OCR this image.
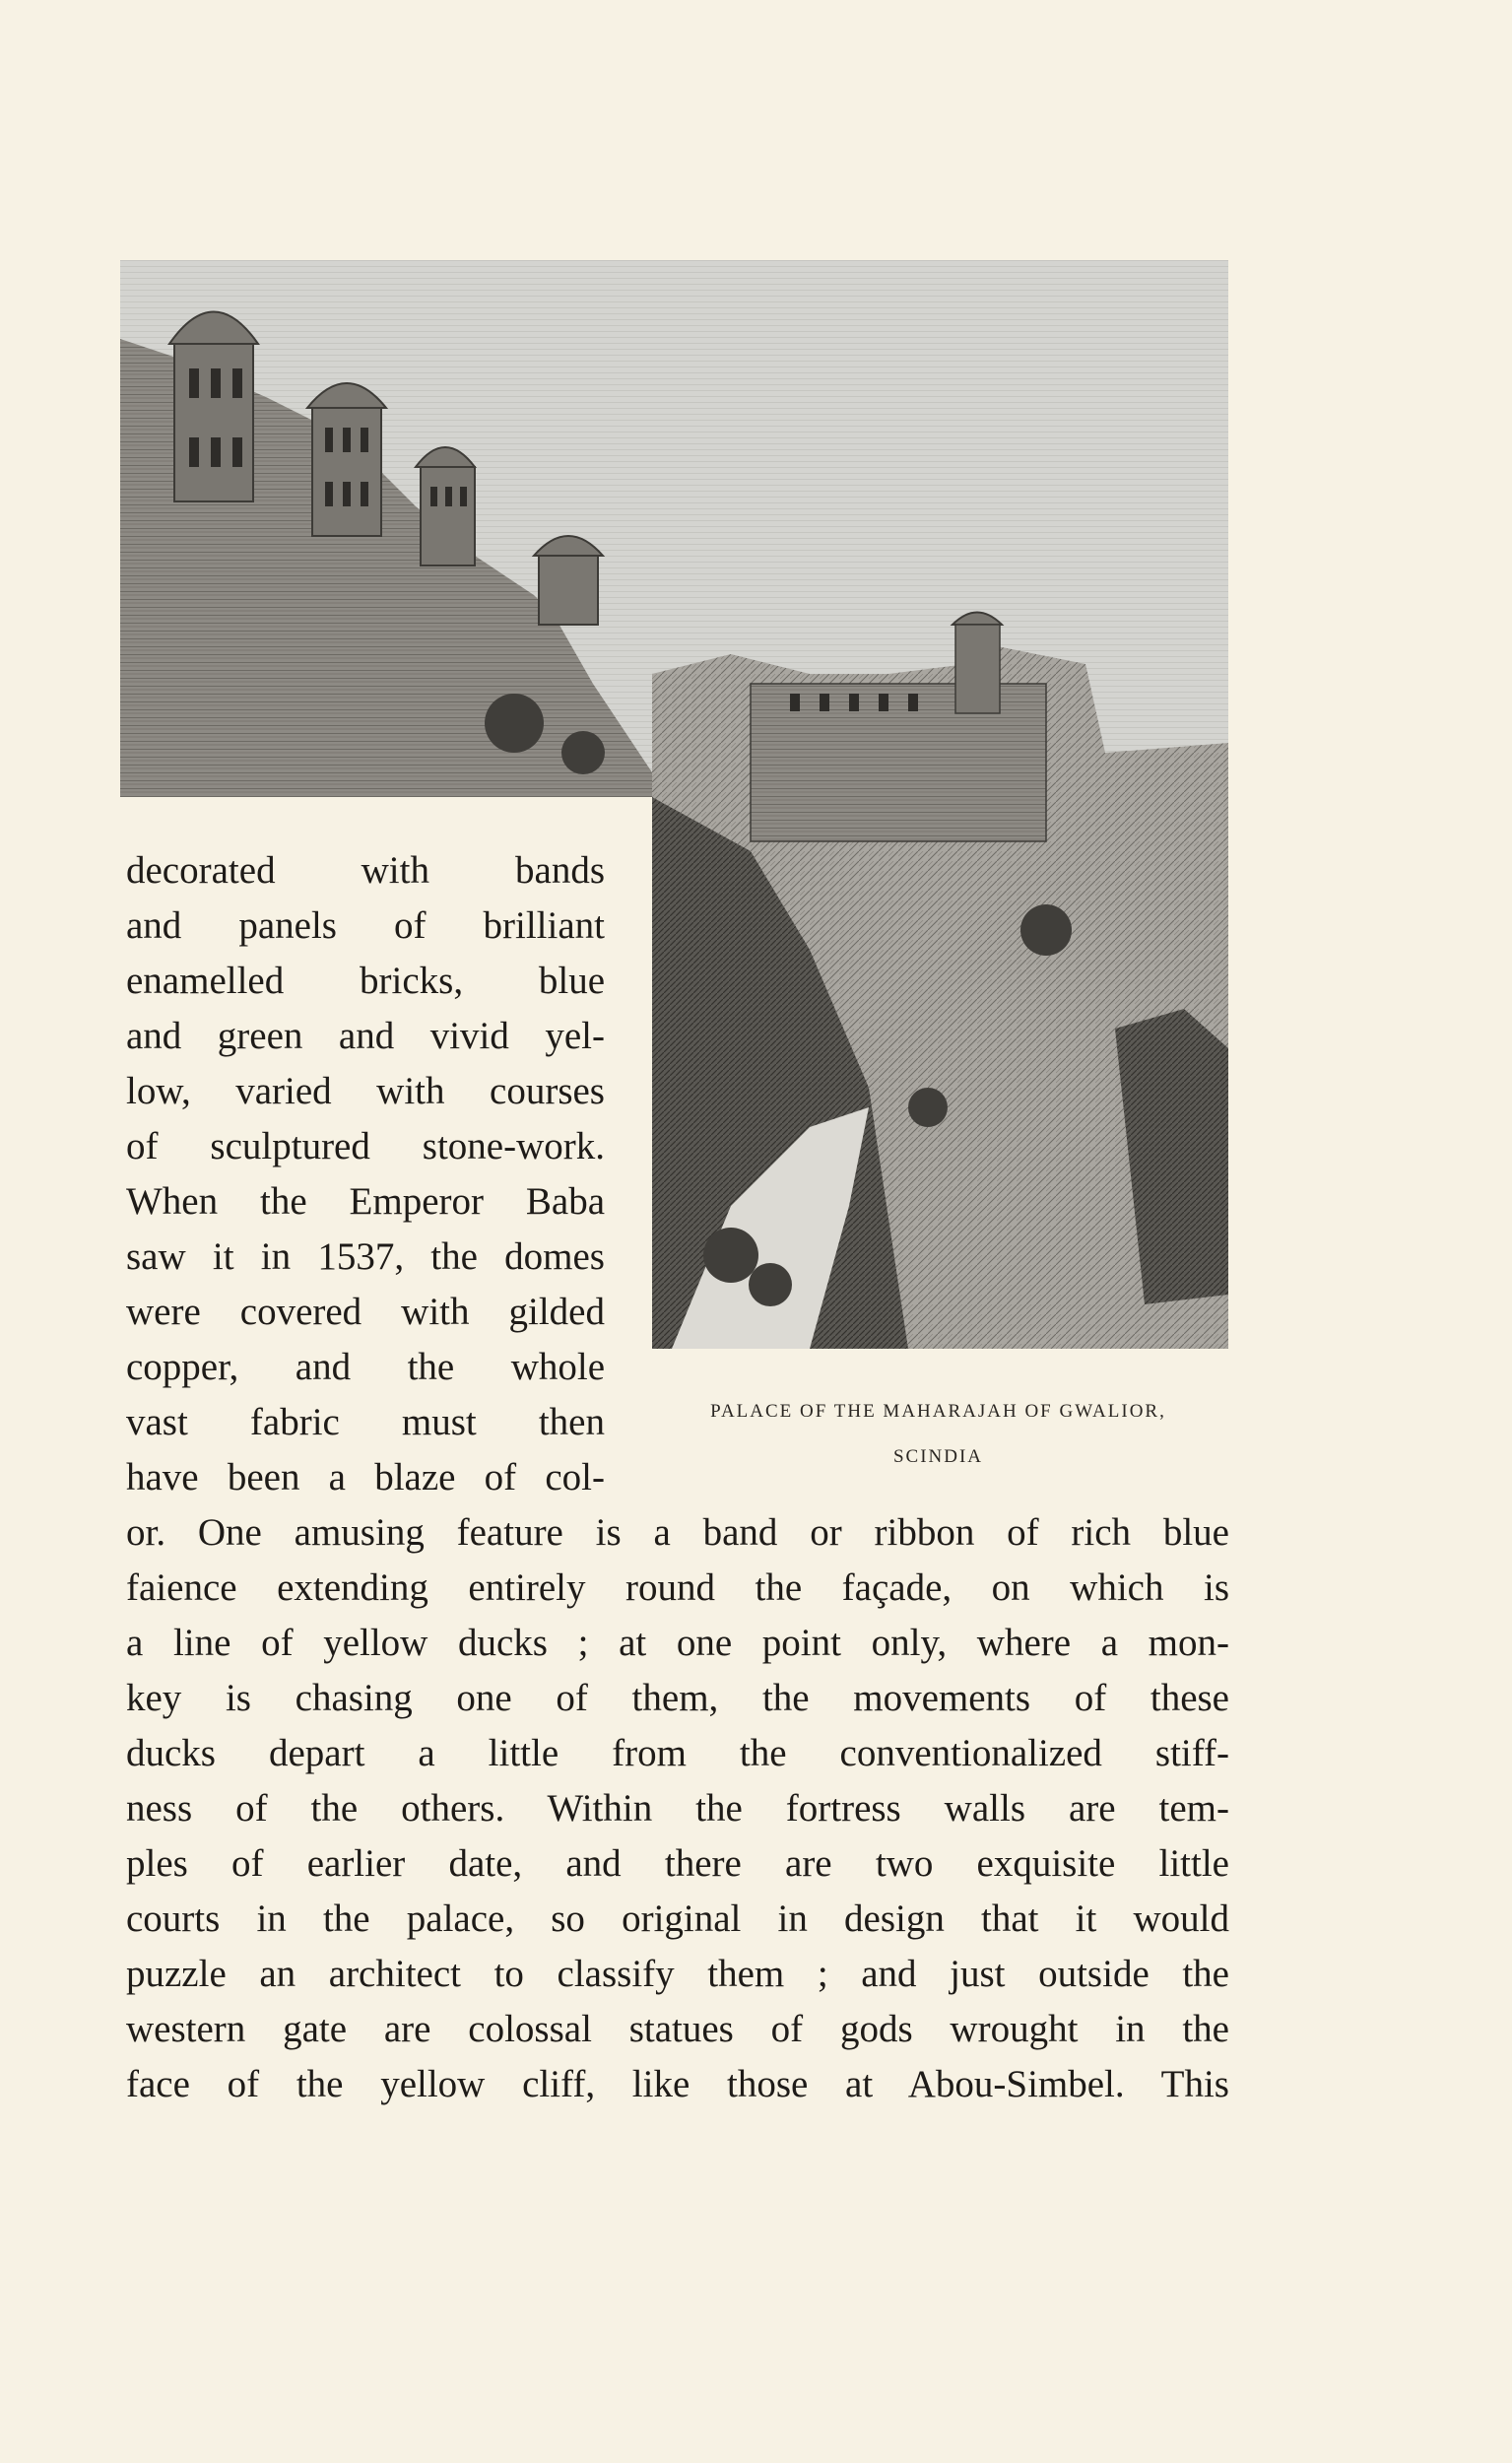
PALACE OF THE MAHARAJAH OF GWALIOR,
SCINDIA
decorated with bands
and panels of brilliant
enamelled bricks, blue
and green and vivid yel-
low, varied with courses
of sculptured stone-work.
When the Emperor Baba
saw it in 1537, the domes
were covered with gilded
copper, and the whole
vast fabric must then
have been a blaze of col-
or. One amusing feature is a band or ribbon of rich blue
faience extending entirely round the façade, on which is
a line of yellow ducks ; at one point only, where a mon-
key is chasing one of them, the movements of these
ducks depart a little from the conventionalized stiff-
ness of the others. Within the fortress walls are tem-
ples of earlier date, and there are two exquisite little
courts in the palace, so original in design that it would
puzzle an architect to classify them ; and just outside the
western gate are colossal statues of gods wrought in the
face of the yellow cliff, like those at Abou-Simbel. This
